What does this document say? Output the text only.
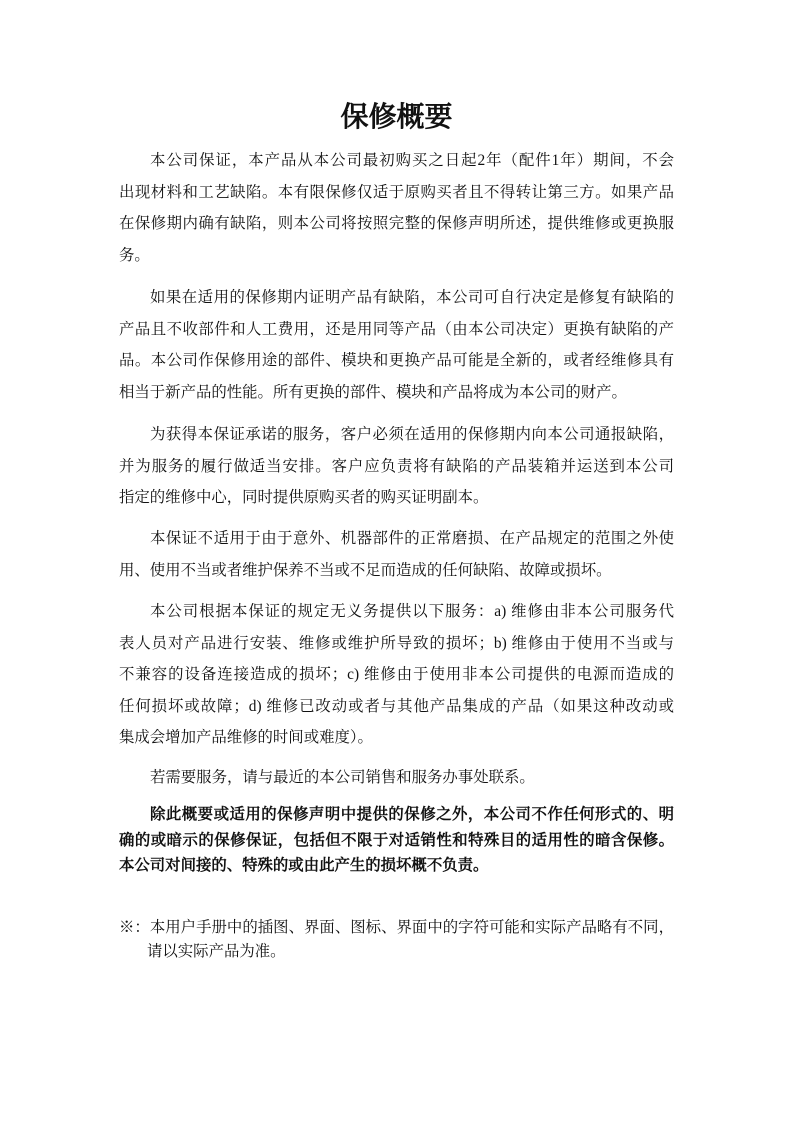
保修概要
本公司保证，本产品从本公司最初购买之日起2年（配件1年）期间，不会
出现材料和工艺缺陷。本有限保修仅适于原购买者且不得转让第三方。如果产品
在保修期内确有缺陷，则本公司将按照完整的保修声明所述，提供维修或更换服
务。
如果在适用的保修期内证明产品有缺陷，本公司可自行决定是修复有缺陷的
产品且不收部件和人工费用，还是用同等产品（由本公司决定）更换有缺陷的产
品。本公司作保修用途的部件、模块和更换产品可能是全新的，或者经维修具有
相当于新产品的性能。所有更换的部件、模块和产品将成为本公司的财产。
为获得本保证承诺的服务，客户必须在适用的保修期内向本公司通报缺陷，
并为服务的履行做适当安排。客户应负责将有缺陷的产品装箱并运送到本公司
指定的维修中心，同时提供原购买者的购买证明副本。
本保证不适用于由于意外、机器部件的正常磨损、在产品规定的范围之外使
用、使用不当或者维护保养不当或不足而造成的任何缺陷、故障或损坏。
本公司根据本保证的规定无义务提供以下服务：a) 维修由非本公司服务代
表人员对产品进行安装、维修或维护所导致的损坏；b) 维修由于使用不当或与
不兼容的设备连接造成的损坏；c) 维修由于使用非本公司提供的电源而造成的
任何损坏或故障；d) 维修已改动或者与其他产品集成的产品（如果这种改动或
集成会增加产品维修的时间或难度）。
若需要服务，请与最近的本公司销售和服务办事处联系。
除此概要或适用的保修声明中提供的保修之外，本公司不作任何形式的、明
确的或暗示的保修保证，包括但不限于对适销性和特殊目的适用性的暗含保修。
本公司对间接的、特殊的或由此产生的损坏概不负责。
※：本用户手册中的插图、界面、图标、界面中的字符可能和实际产品略有不同，
请以实际产品为准。
